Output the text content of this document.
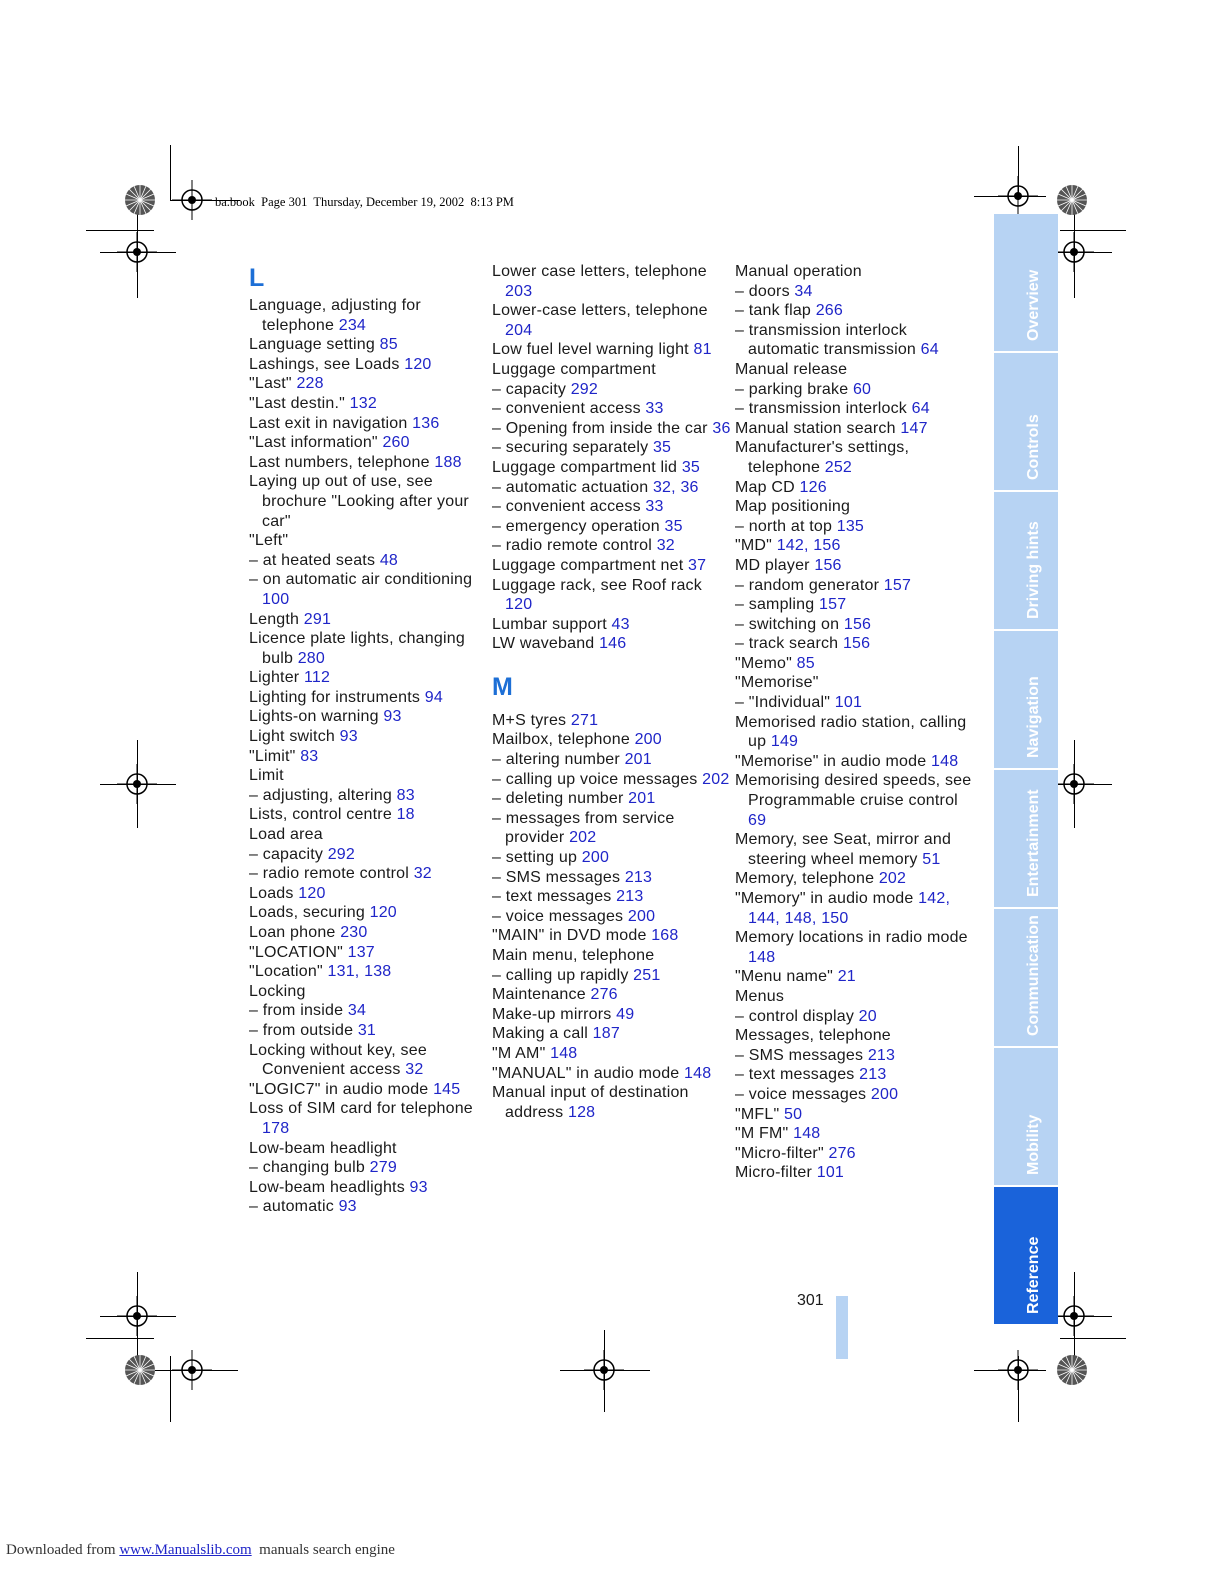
ba.book  Page 301  Thursday, December 19, 2002  8:13 PM
L
Language, adjusting for telephone 234
Language setting 85
Lashings, see Loads 120
"Last" 228
"Last destin." 132
Last exit in navigation 136
"Last information" 260
Last numbers, telephone 188
Laying up out of use, see brochure "Looking after your car"
"Left"
– at heated seats 48
– on automatic air conditioning 100
Length 291
Licence plate lights, changing bulb 280
Lighter 112
Lighting for instruments 94
Lights-on warning 93
Light switch 93
"Limit" 83
Limit
– adjusting, altering 83
Lists, control centre 18
Load area
– capacity 292
– radio remote control 32
Loads 120
Loads, securing 120
Loan phone 230
"LOCATION" 137
"Location" 131, 138
Locking
– from inside 34
– from outside 31
Locking without key, see Convenient access 32
"LOGIC7" in audio mode 145
Loss of SIM card for telephone 178
Low-beam headlight
– changing bulb 279
Low-beam headlights 93
– automatic 93
Lower case letters, telephone 203
Lower-case letters, telephone 204
Low fuel level warning light 81
Luggage compartment
– capacity 292
– convenient access 33
– Opening from inside the car 36
– securing separately 35
Luggage compartment lid 35
– automatic actuation 32, 36
– convenient access 33
– emergency operation 35
– radio remote control 32
Luggage compartment net 37
Luggage rack, see Roof rack 120
Lumbar support 43
LW waveband 146
M
M+S tyres 271
Mailbox, telephone 200
– altering number 201
– calling up voice messages 202
– deleting number 201
– messages from service provider 202
– setting up 200
– SMS messages 213
– text messages 213
– voice messages 200
"MAIN" in DVD mode 168
Main menu, telephone
– calling up rapidly 251
Maintenance 276
Make-up mirrors 49
Making a call 187
"M AM" 148
"MANUAL" in audio mode 148
Manual input of destination address 128
Manual operation
– doors 34
– tank flap 266
– transmission interlock automatic transmission 64
Manual release
– parking brake 60
– transmission interlock 64
Manual station search 147
Manufacturer's settings, telephone 252
Map CD 126
Map positioning
– north at top 135
"MD" 142, 156
MD player 156
– random generator 157
– sampling 157
– switching on 156
– track search 156
"Memo" 85
"Memorise"
– "Individual" 101
Memorised radio station, calling up 149
"Memorise" in audio mode 148
Memorising desired speeds, see Programmable cruise control 69
Memory, see Seat, mirror and steering wheel memory 51
Memory, telephone 202
"Memory" in audio mode 142, 144, 148, 150
Memory locations in radio mode 148
"Menu name" 21
Menus
– control display 20
Messages, telephone
– SMS messages 213
– text messages 213
– voice messages 200
"MFL" 50
"M FM" 148
"Micro-filter" 276
Micro-filter 101
Overview
Controls
Driving hints
Navigation
Entertainment
Communication
Mobility
Reference
301
Downloaded from www.Manualslib.com  manuals search engine
